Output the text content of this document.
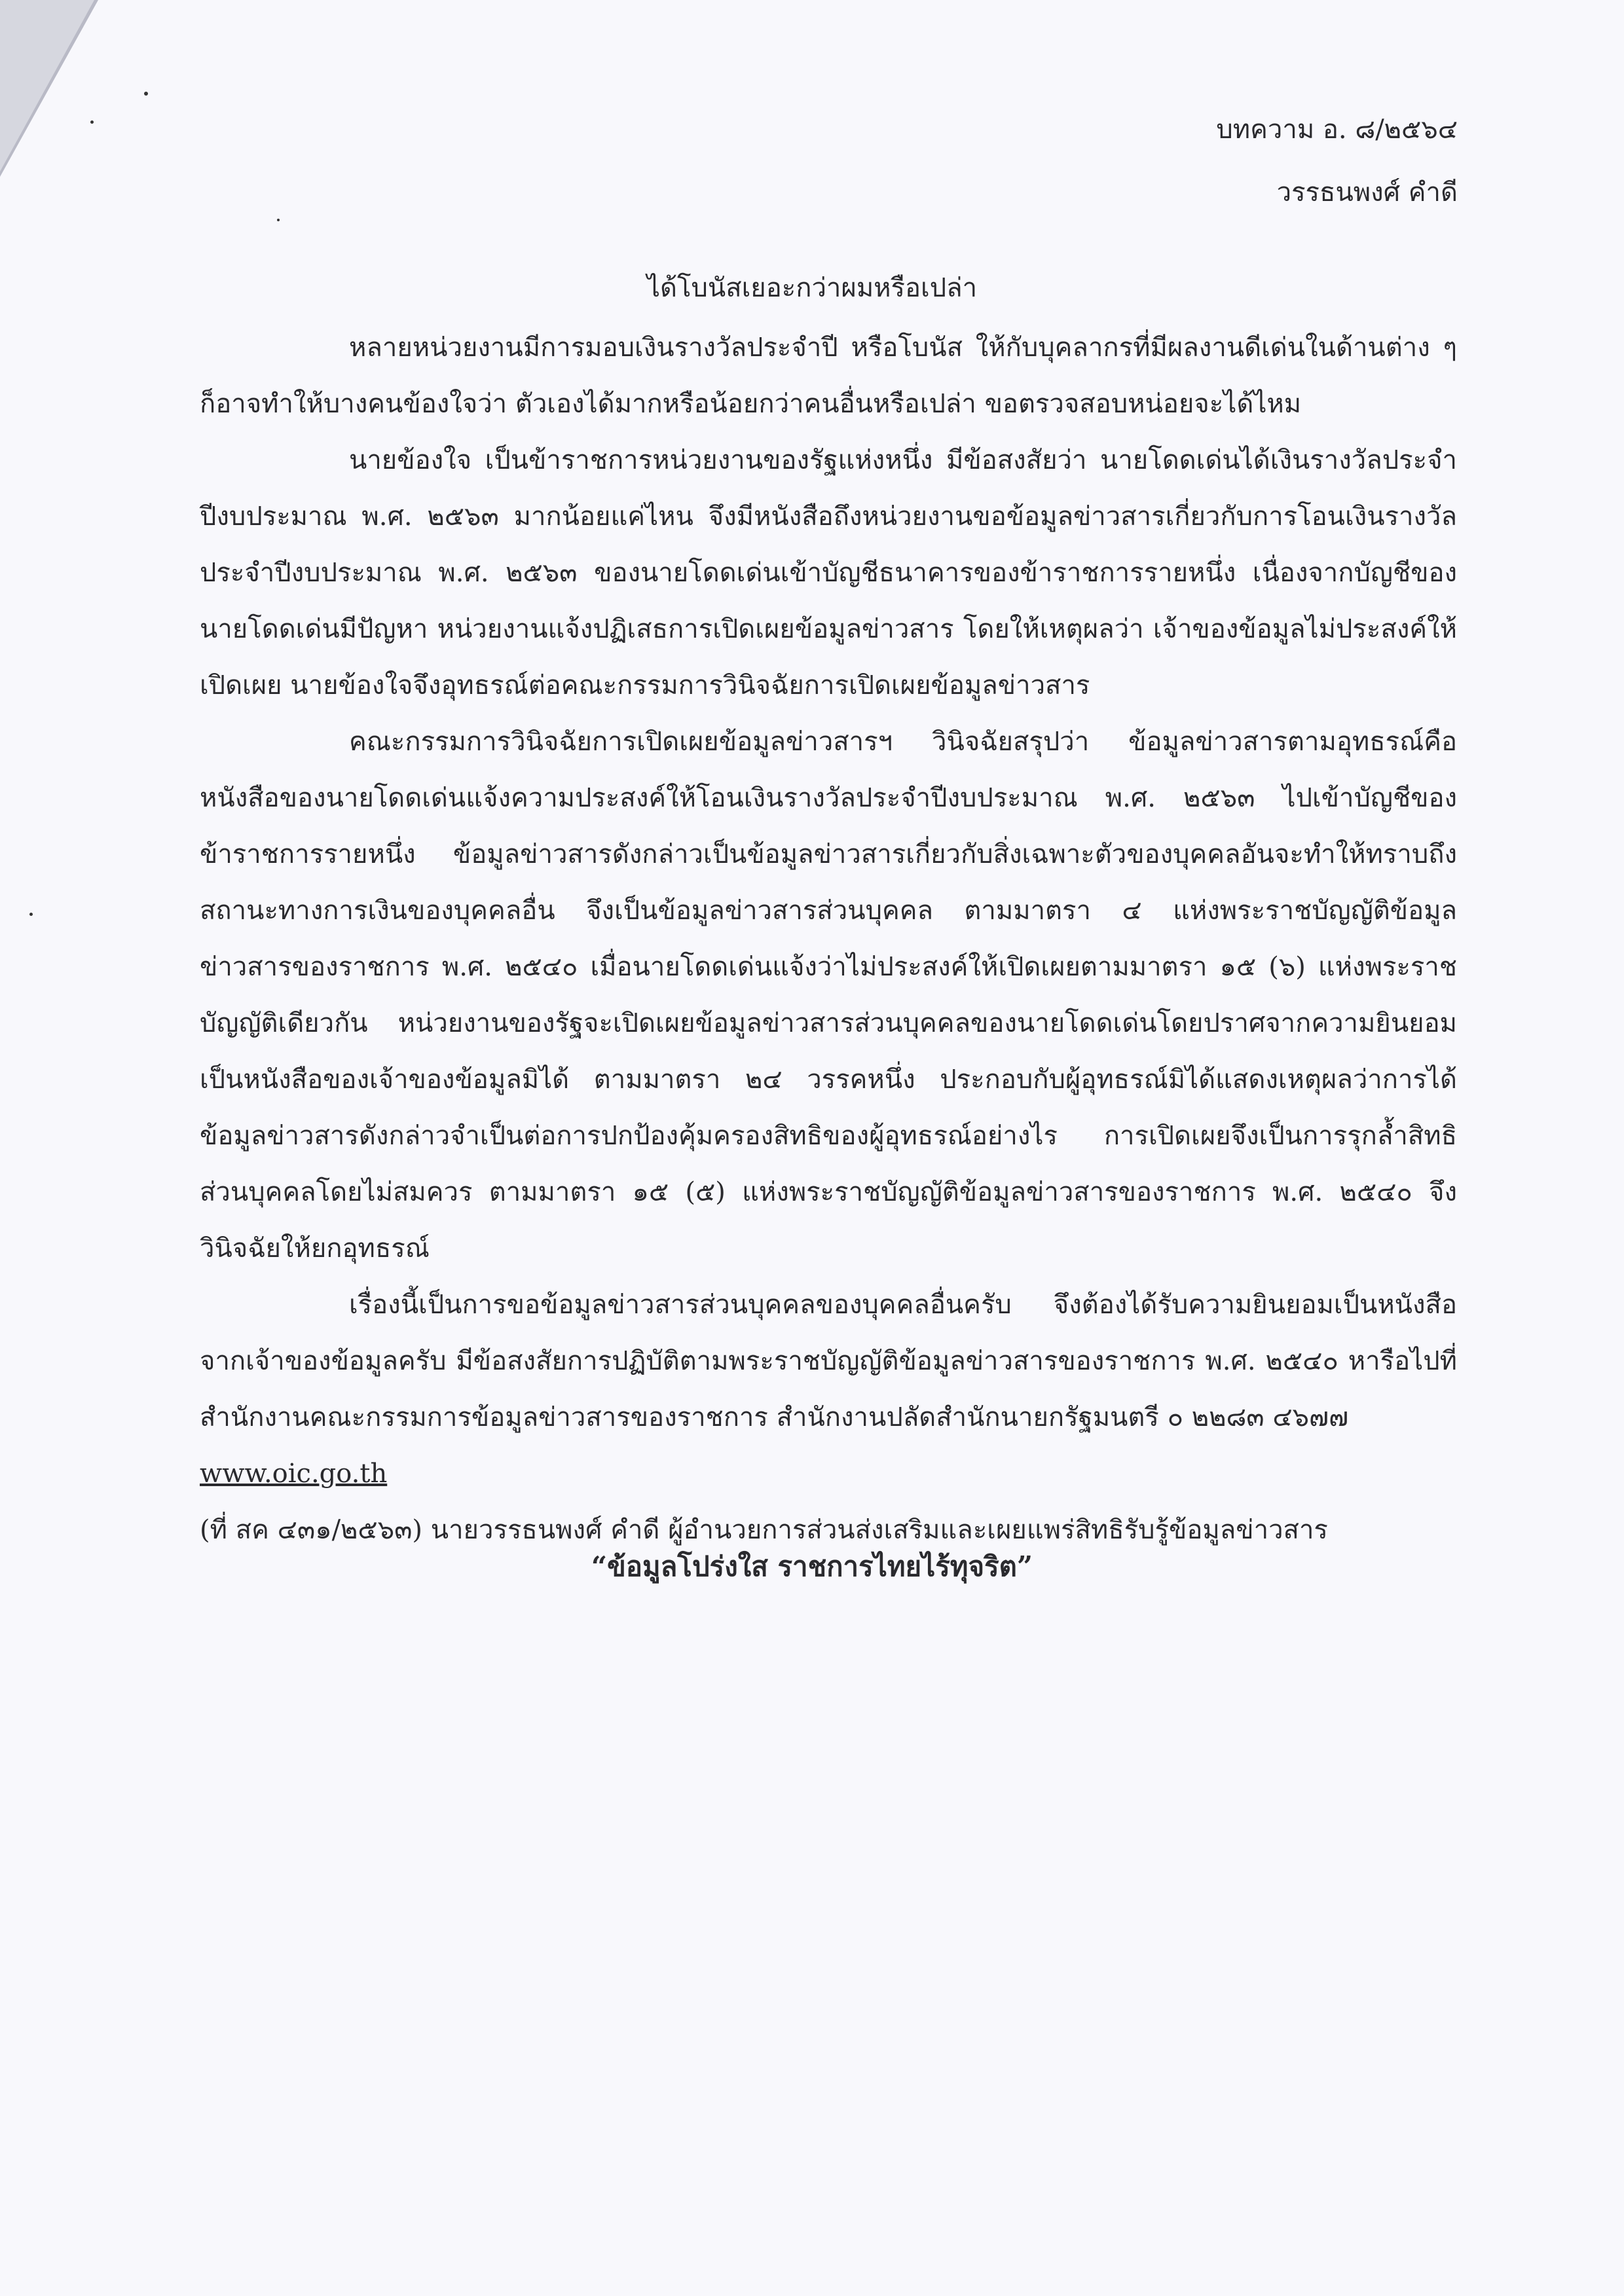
บทความ อ. ๘/๒๕๖๔
วรรธนพงศ์ คำดี
ได้โบนัสเยอะกว่าผมหรือเปล่า

หลายหน่วยงานมีการมอบเงินรางวัลประจำปี หรือโบนัส ให้กับบุคลากรที่มีผลงานดีเด่นในด้านต่าง ๆ ก็อาจทำให้บางคนข้องใจว่า ตัวเองได้มากหรือน้อยกว่าคนอื่นหรือเปล่า ขอตรวจสอบหน่อยจะได้ไหม

นายข้องใจ เป็นข้าราชการหน่วยงานของรัฐแห่งหนึ่ง มีข้อสงสัยว่า นายโดดเด่นได้เงินรางวัลประจำปีงบประมาณ พ.ศ. ๒๕๖๓ มากน้อยแค่ไหน จึงมีหนังสือถึงหน่วยงานขอข้อมูลข่าวสารเกี่ยวกับการโอนเงินรางวัลประจำปีงบประมาณ พ.ศ. ๒๕๖๓ ของนายโดดเด่นเข้าบัญชีธนาคารของข้าราชการรายหนึ่ง เนื่องจากบัญชีของนายโดดเด่นมีปัญหา หน่วยงานแจ้งปฏิเสธการเปิดเผยข้อมูลข่าวสาร โดยให้เหตุผลว่า เจ้าของข้อมูลไม่ประสงค์ให้เปิดเผย นายข้องใจจึงอุทธรณ์ต่อคณะกรรมการวินิจฉัยการเปิดเผยข้อมูลข่าวสาร

คณะกรรมการวินิจฉัยการเปิดเผยข้อมูลข่าวสารฯ วินิจฉัยสรุปว่า ข้อมูลข่าวสารตามอุทธรณ์คือหนังสือของนายโดดเด่นแจ้งความประสงค์ให้โอนเงินรางวัลประจำปีงบประมาณ พ.ศ. ๒๕๖๓ ไปเข้าบัญชีของข้าราชการรายหนึ่ง ข้อมูลข่าวสารดังกล่าวเป็นข้อมูลข่าวสารเกี่ยวกับสิ่งเฉพาะตัวของบุคคลอันจะทำให้ทราบถึงสถานะทางการเงินของบุคคลอื่น จึงเป็นข้อมูลข่าวสารส่วนบุคคล ตามมาตรา ๔ แห่งพระราชบัญญัติข้อมูลข่าวสารของราชการ พ.ศ. ๒๕๔๐ เมื่อนายโดดเด่นแจ้งว่าไม่ประสงค์ให้เปิดเผยตามมาตรา ๑๕ (๖) แห่งพระราชบัญญัติเดียวกัน หน่วยงานของรัฐจะเปิดเผยข้อมูลข่าวสารส่วนบุคคลของนายโดดเด่นโดยปราศจากความยินยอมเป็นหนังสือของเจ้าของข้อมูลมิได้ ตามมาตรา ๒๔ วรรคหนึ่ง ประกอบกับผู้อุทธรณ์มิได้แสดงเหตุผลว่าการได้ข้อมูลข่าวสารดังกล่าวจำเป็นต่อการปกป้องคุ้มครองสิทธิของผู้อุทธรณ์อย่างไร การเปิดเผยจึงเป็นการรุกล้ำสิทธิส่วนบุคคลโดยไม่สมควร ตามมาตรา ๑๕ (๕) แห่งพระราชบัญญัติข้อมูลข่าวสารของราชการ พ.ศ. ๒๕๔๐ จึงวินิจฉัยให้ยกอุทธรณ์

เรื่องนี้เป็นการขอข้อมูลข่าวสารส่วนบุคคลของบุคคลอื่นครับ จึงต้องได้รับความยินยอมเป็นหนังสือจากเจ้าของข้อมูลครับ มีข้อสงสัยการปฏิบัติตามพระราชบัญญัติข้อมูลข่าวสารของราชการ พ.ศ. ๒๕๔๐ หารือไปที่สำนักงานคณะกรรมการข้อมูลข่าวสารของราชการ สำนักงานปลัดสำนักนายกรัฐมนตรี ๐ ๒๒๘๓ ๔๖๗๗

www.oic.go.th

(ที่ สค ๔๓๑/๒๕๖๓) นายวรรธนพงศ์ คำดี ผู้อำนวยการส่วนส่งเสริมและเผยแพร่สิทธิรับรู้ข้อมูลข่าวสาร

“ข้อมูลโปร่งใส ราชการไทยไร้ทุจริต”
